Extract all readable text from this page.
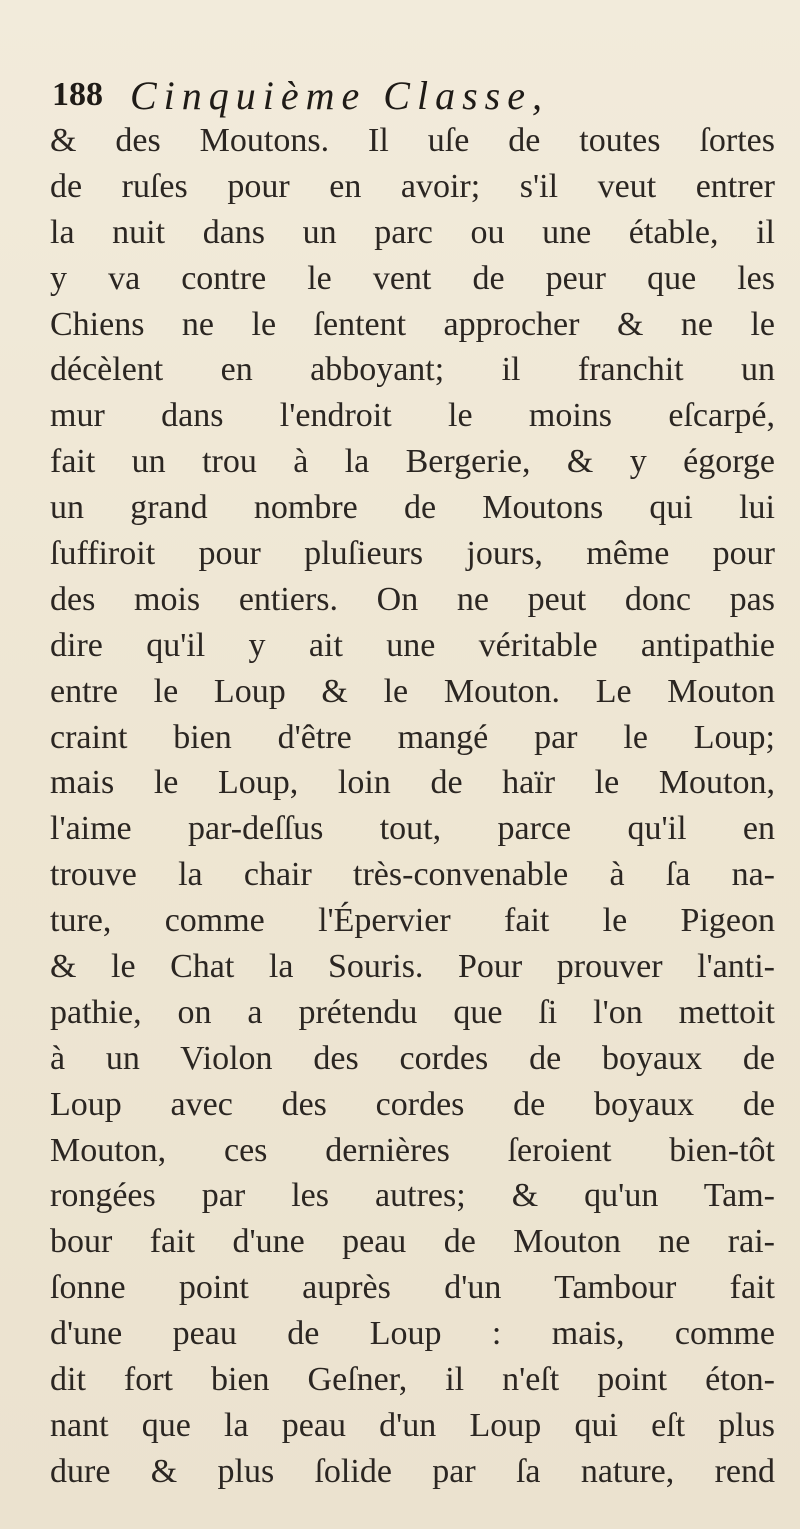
188 Cinquième Classe,
& des Moutons. Il uſe de toutes ſortes
de ruſes pour en avoir; s'il veut entrer
la nuit dans un parc ou une étable, il
y va contre le vent de peur que les
Chiens ne le ſentent approcher & ne le
décèlent en abboyant; il franchit un
mur dans l'endroit le moins eſcarpé,
fait un trou à la Bergerie, & y égorge
un grand nombre de Moutons qui lui
ſuffiroit pour pluſieurs jours, même pour
des mois entiers. On ne peut donc pas
dire qu'il y ait une véritable antipathie
entre le Loup & le Mouton. Le Mouton
craint bien d'être mangé par le Loup;
mais le Loup, loin de haïr le Mouton,
l'aime par-deſſus tout, parce qu'il en
trouve la chair très-convenable à ſa na-
ture, comme l'Épervier fait le Pigeon
& le Chat la Souris. Pour prouver l'anti-
pathie, on a prétendu que ſi l'on mettoit
à un Violon des cordes de boyaux de
Loup avec des cordes de boyaux de
Mouton, ces dernières ſeroient bien-tôt
rongées par les autres; & qu'un Tam-
bour fait d'une peau de Mouton ne rai-
ſonne point auprès d'un Tambour fait
d'une peau de Loup : mais, comme
dit fort bien Geſner, il n'eſt point éton-
nant que la peau d'un Loup qui eſt plus
dure & plus ſolide par ſa nature, rend
